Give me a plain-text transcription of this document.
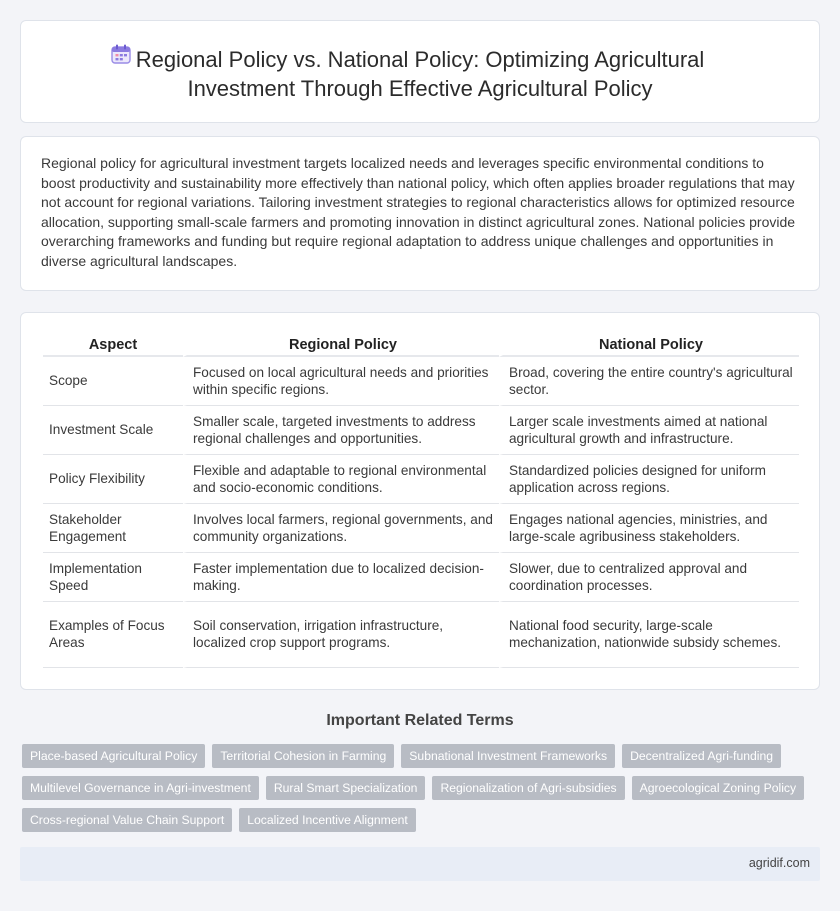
Regional Policy vs. National Policy: Optimizing Agricultural Investment Through Effective Agricultural Policy

Regional policy for agricultural investment targets localized needs and leverages specific environmental conditions to boost productivity and sustainability more effectively than national policy, which often applies broader regulations that may not account for regional variations. Tailoring investment strategies to regional characteristics allows for optimized resource allocation, supporting small-scale farmers and promoting innovation in distinct agricultural zones. National policies provide overarching frameworks and funding but require regional adaptation to address unique challenges and opportunities in diverse agricultural landscapes.

Aspect	Regional Policy	National Policy
Scope	Focused on local agricultural needs and priorities within specific regions.	Broad, covering the entire country's agricultural sector.
Investment Scale	Smaller scale, targeted investments to address regional challenges and opportunities.	Larger scale investments aimed at national agricultural growth and infrastructure.
Policy Flexibility	Flexible and adaptable to regional environmental and socio-economic conditions.	Standardized policies designed for uniform application across regions.
Stakeholder Engagement	Involves local farmers, regional governments, and community organizations.	Engages national agencies, ministries, and large-scale agribusiness stakeholders.
Implementation Speed	Faster implementation due to localized decision-making.	Slower, due to centralized approval and coordination processes.
Examples of Focus Areas	Soil conservation, irrigation infrastructure, localized crop support programs.	National food security, large-scale mechanization, nationwide subsidy schemes.
Important Related Terms
Place-based Agricultural Policy	Territorial Cohesion in Farming	Subnational Investment Frameworks	Decentralized Agri-funding
Multilevel Governance in Agri-investment	Rural Smart Specialization	Regionalization of Agri-subsidies	Agroecological Zoning Policy
Cross-regional Value Chain Support	Localized Incentive Alignment
agridif.com
